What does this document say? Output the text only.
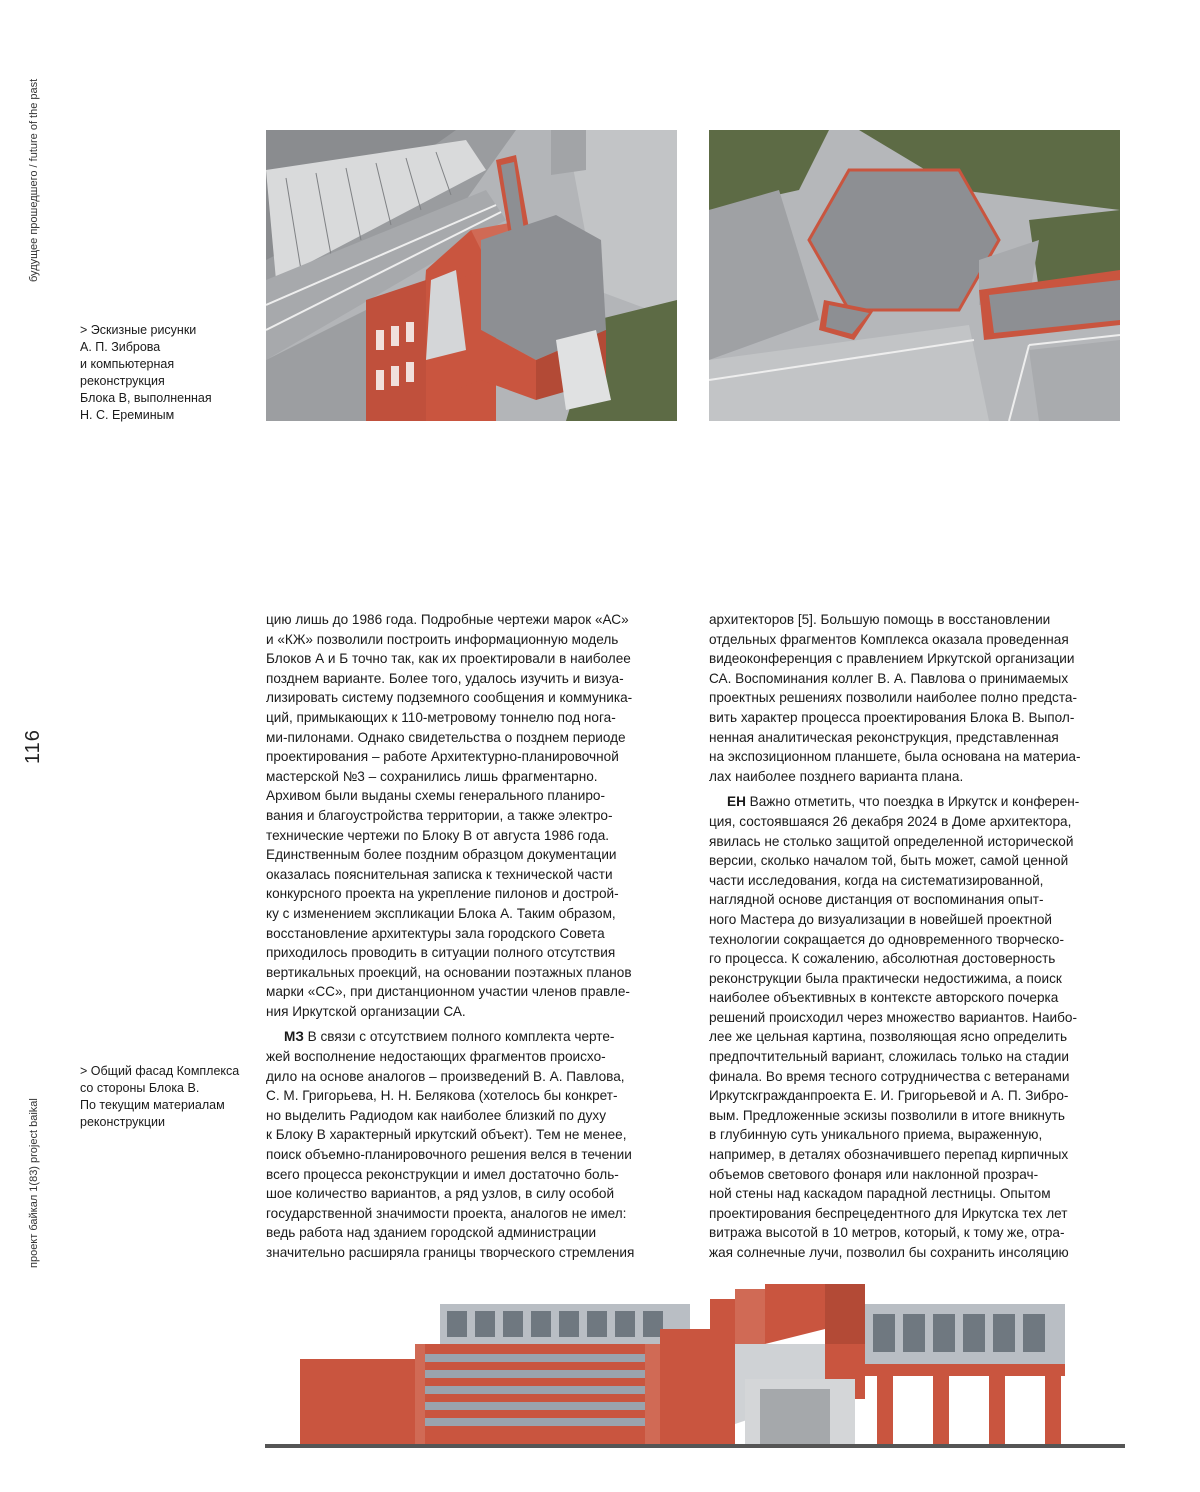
будущее прошедшего / future of the past
116
проект байкал 1(83) project baikal
> Эскизные рисунки
А. П. Зиброва
и компьютерная
реконструкция
Блока В, выполненная
Н. С. Ереминым
цию лишь до 1986 года. Подробные чертежи марок «АС»
и «КЖ» позволили построить информационную модель
Блоков А и Б точно так, как их проектировали в наиболее
позднем варианте. Более того, удалось изучить и визуа-
лизировать систему подземного сообщения и коммуника-
ций, примыкающих к 110-метровому тоннелю под нога-
ми-пилонами. Однако свидетельства о позднем периоде
проектирования – работе Архитектурно-планировочной
мастерской №3 – сохранились лишь фрагментарно.
Архивом были выданы схемы генерального планиро-
вания и благоустройства территории, а также электро-
технические чертежи по Блоку В от августа 1986 года.
Единственным более поздним образцом документации
оказалась пояснительная записка к технической части
конкурсного проекта на укрепление пилонов и дострой-
ку с изменением экспликации Блока А. Таким образом,
восстановление архитектуры зала городского Совета
приходилось проводить в ситуации полного отсутствия
вертикальных проекций, на основании поэтажных планов
марки «СС», при дистанционном участии членов правле-
ния Иркутской организации СА.
МЗ В связи с отсутствием полного комплекта черте-
жей восполнение недостающих фрагментов происхо-
дило на основе аналогов – произведений В. А. Павлова,
С. М. Григорьева, Н. Н. Белякова (хотелось бы конкрет-
но выделить Радиодом как наиболее близкий по духу
к Блоку В характерный иркутский объект). Тем не менее,
поиск объемно-планировочного решения велся в течении
всего процесса реконструкции и имел достаточно боль-
шое количество вариантов, а ряд узлов, в силу особой
государственной значимости проекта, аналогов не имел:
ведь работа над зданием городской администрации
значительно расширяла границы творческого стремления
архитекторов [5]. Большую помощь в восстановлении
отдельных фрагментов Комплекса оказала проведенная
видеоконференция с правлением Иркутской организации
СА. Воспоминания коллег В. А. Павлова о принимаемых
проектных решениях позволили наиболее полно предста-
вить характер процесса проектирования Блока В. Выпол-
ненная аналитическая реконструкция, представленная
на экспозиционном планшете, была основана на материа-
лах наиболее позднего варианта плана.
ЕН Важно отметить, что поездка в Иркутск и конферен-
ция, состоявшаяся 26 декабря 2024 в Доме архитектора,
явилась не столько защитой определенной исторической
версии, сколько началом той, быть может, самой ценной
части исследования, когда на систематизированной,
наглядной основе дистанция от воспоминания опыт-
ного Мастера до визуализации в новейшей проектной
технологии сокращается до одновременного творческо-
го процесса. К сожалению, абсолютная достоверность
реконструкции была практически недостижима, а поиск
наиболее объективных в контексте авторского почерка
решений происходил через множество вариантов. Наибо-
лее же цельная картина, позволяющая ясно определить
предпочтительный вариант, сложилась только на стадии
финала. Во время тесного сотрудничества с ветеранами
Иркутскгражданпроекта Е. И. Григорьевой и А. П. Зибро-
вым. Предложенные эскизы позволили в итоге вникнуть
в глубинную суть уникального приема, выраженную,
например, в деталях обозначившего перепад кирпичных
объемов светового фонаря или наклонной прозрач-
ной стены над каскадом парадной лестницы. Опытом
проектирования беспрецедентного для Иркутска тех лет
витража высотой в 10 метров, который, к тому же, отра-
жая солнечные лучи, позволил бы сохранить инсоляцию
> Общий фасад Комплекса
со стороны Блока В.
По текущим материалам
реконструкции
